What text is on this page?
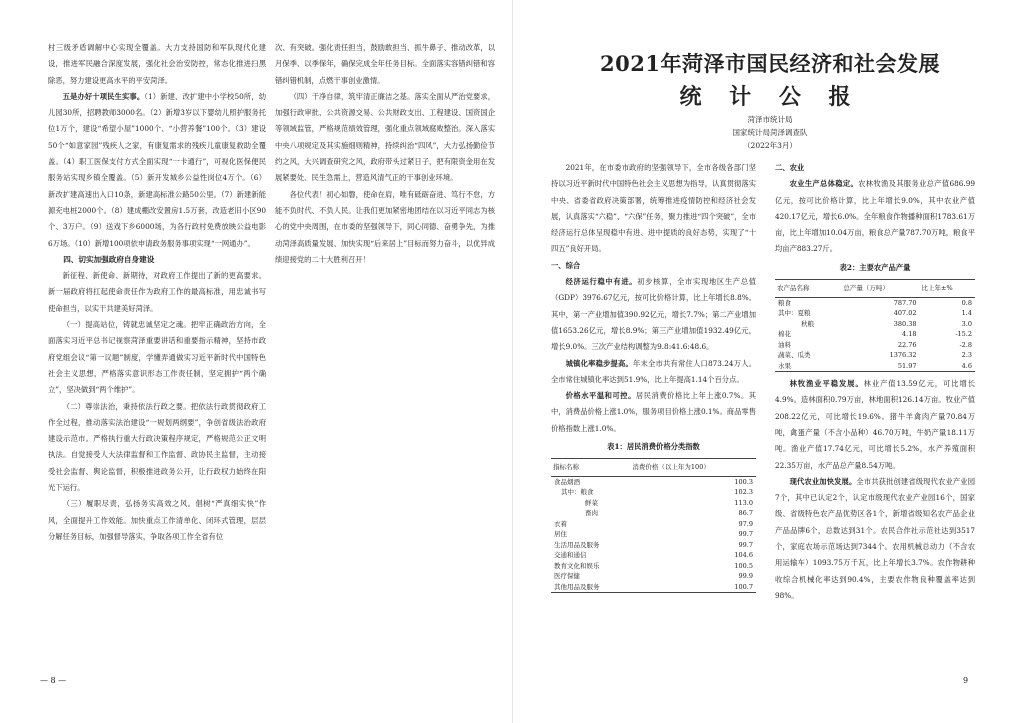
村三级矛盾调解中心实现全覆盖。大力支持国防和军队现代化建设，推进军民融合深度发展，强化社会治安防控，常态化推进扫黑除恶，努力建设更高水平的平安菏泽。

五是办好十项民生实事。（1）新建、改扩建中小学校50所，幼儿园30所，招聘教师3000名。（2）新增3岁以下婴幼儿照护服务托位1万个，建设“希望小屋”1000个、“小营养餐”100个。（3）建设50个“如意家园”残疾人之家，有康复需求的残疾儿童康复救助全覆盖。（4）职工医保支付方式全面实现“一卡通行”，可视化医保便民服务站实现乡镇全覆盖。（5）新开发城乡公益性岗位4万个。（6）新改扩建高速出入口10条，新建高标准公路50公里。（7）新建新能源充电桩2000个。（8）建成棚改安置房1.5万套，改造老旧小区90个、3万户。（9）送戏下乡6000场，为各行政村免费放映公益电影6万场。（10）新增100项依申请政务服务事项实现“一网通办”。

四、切实加强政府自身建设

新征程、新使命、新期待，对政府工作提出了新的更高要求。新一届政府将扛起使命责任作为政府工作的最高标准，用忠诚书写使命担当，以实干共建美好菏泽。

（一）提高站位，铸就忠诚坚定之魂。把牢正确政治方向，全面落实习近平总书记视察菏泽重要讲话和重要指示精神，坚持市政府党组会议“第一议题”制度，学懂弄通做实习近平新时代中国特色社会主义思想，严格落实意识形态工作责任制，坚定拥护“两个确立”，坚决做到“两个维护”。

（二）尊崇法治，秉持依法行政之要。把依法行政贯彻政府工作全过程，推动落实法治建设“一规划两纲要”，争创省级法治政府建设示范市。严格执行重大行政决策程序规定，严格规范公正文明执法。自觉接受人大法律监督和工作监督、政协民主监督，主动接受社会监督、舆论监督，积极推进政务公开，让行政权力始终在阳光下运行。

（三）履职尽责，弘扬务实高效之风。倡树“严真细实快”作风，全面提升工作效能。加快重点工作清单化、闭环式管理，层层分解任务目标，加强督导落实，争取各项工作全省有位

次、有突破。强化责任担当，鼓励敢担当、抓牛鼻子、推动改革，以月保季、以季保年，确保完成全年任务目标。全面落实容错纠错和容错纠错机制，点燃干事创业激情。

（四）干净自律，筑牢清正廉洁之基。落实全面从严治党要求，加强行政审批、公共资源交易、公共财政支出、工程建设、国资国企等领域监管，严格规范绩效管理，强化重点领域腐败整治。深入落实中央八项规定及其实施细则精神，持续纠治“四风”，大力弘扬勤俭节约之风，大兴调查研究之风，政府带头过紧日子，把有限资金用在发展紧要处、民生急需上，营造风清气正的干事创业环境。

各位代表！初心如磐，使命在肩，唯有砥砺奋进、笃行不怠，方能不负时代、不负人民。让我们更加紧密地团结在以习近平同志为核心的党中央周围，在市委的坚强领导下，同心同德、奋勇争先，为推动菏泽高质量发展、加快实现“后来居上”目标而努力奋斗，以优异成绩迎接党的二十大胜利召开！

— 8 —
2021年菏泽市国民经济和社会发展
统 计 公 报
菏泽市统计局
国家统计局菏泽调查队
（2022年3月）

2021年，在市委市政府的坚强领导下，全市各级各部门坚持以习近平新时代中国特色社会主义思想为指导，认真贯彻落实中央、省委省政府决策部署，统筹推进疫情防控和经济社会发展，认真落实“六稳”、“六保”任务，聚力推进“四个突破”，全市经济运行总体呈现稳中有进、进中提质的良好态势，实现了“十四五”良好开局。

一、综合

经济运行稳中有进。初步核算，全市实现地区生产总值（GDP）3976.67亿元，按可比价格计算，比上年增长8.8%。其中，第一产业增加值390.92亿元，增长7.7%；第二产业增加值1653.26亿元，增长8.9%；第三产业增加值1932.49亿元，增长9.0%。三次产业结构调整为9.8:41.6:48.6。

城镇化率稳步提高。年末全市共有常住人口873.24万人。全市常住城镇化率达到51.9%，比上年提高1.14个百分点。

价格水平温和可控。居民消费价格比上年上涨0.7%。其中，消费品价格上涨1.0%，服务项目价格上涨0.1%。商品零售价格指数上涨1.0%。

表1：居民消费价格分类指数
指标名称	消费价格（以上年为100）
食品烟酒	100.3
其中：粮食	102.3
鲜菜	113.0
畜肉	86.7
衣着	97.9
居住	99.7
生活用品及服务	99.7
交通和通信	104.6
教育文化和娱乐	100.5
医疗保健	99.9
其他用品及服务	100.7

二、农业

农业生产总体稳定。农林牧渔及其服务业总产值686.99亿元，按可比价格计算，比上年增长9.0%，其中农业产值420.17亿元，增长6.0%。全年粮食作物播种面积1783.61万亩，比上年增加10.04万亩，粮食总产量787.70万吨，粮食平均亩产883.27斤。

表2：主要农产品产量
农产品名称	总产量（万吨）	比上年±%
粮食	787.70	0.8
其中：夏粮	407.02	1.4
秋粮	380.38	3.0
棉花	4.18	-15.2
油料	22.76	-2.8
蔬菜、瓜类	1376.32	2.3
水果	51.97	4.6

林牧渔业平稳发展。林业产值13.59亿元，可比增长4.9%。造林面积0.79万亩，林地面积126.14万亩。牧业产值208.22亿元，可比增长19.6%。猪牛羊禽肉产量70.84万吨，禽蛋产量（不含小品种）46.70万吨，牛奶产量18.11万吨。渔业产值17.74亿元，可比增长5.2%，水产养殖面积22.35万亩，水产品总产量8.54万吨。

现代农业加快发展。全市共获批创建省级现代农业产业园7个，其中已认定2个，认定市级现代农业产业园16个，国家级、省级特色农产品优势区各1个，新增省级知名农产品企业产品品牌6个，总数达到31个。农民合作社示范社达到3517个，家庭农场示范场达到7344个。农用机械总动力（不含农用运输车）1093.75万千瓦，比上年增长3.7%。农作物耕种收综合机械化率达到90.4%，主要农作物良种覆盖率达到98%。

9
